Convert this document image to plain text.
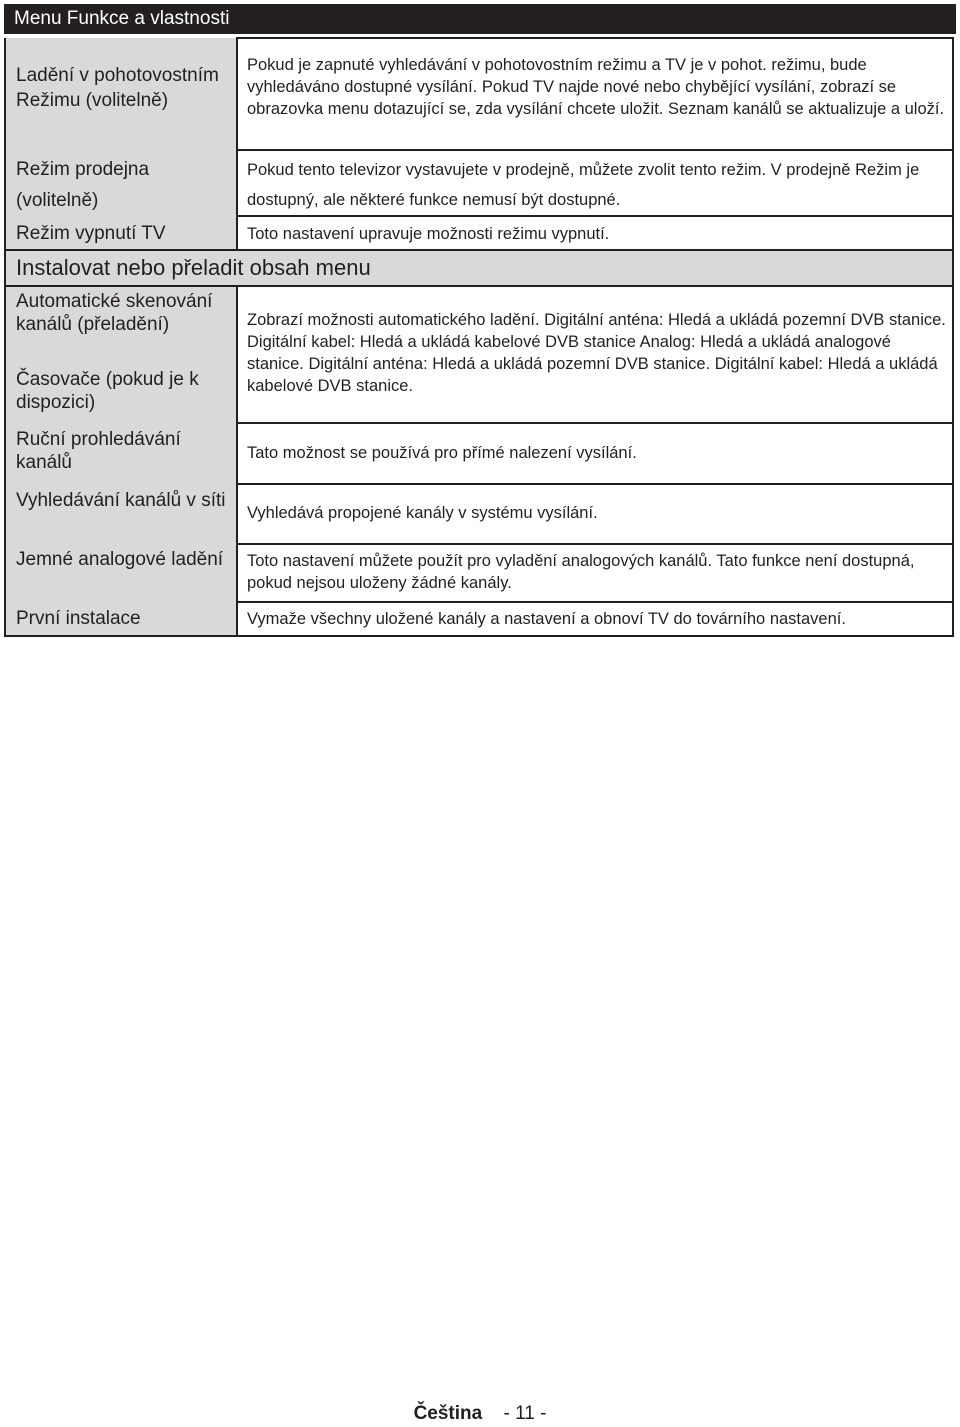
Menu Funkce a vlastnosti
Ladění v pohotovostním Režimu (volitelně)	Pokud je zapnuté vyhledávání v pohotovostním režimu a TV je v pohot. režimu, bude vyhledáváno dostupné vysílání. Pokud TV najde nové nebo chybějící vysílání, zobrazí se obrazovka menu dotazující se, zda vysílání chcete uložit. Seznam kanálů se aktualizuje a uloží.
Režim prodejna (volitelně)	Pokud tento televizor vystavujete v prodejně, můžete zvolit tento režim. V prodejně Režim je dostupný, ale některé funkce nemusí být dostupné.
Režim vypnutí TV	Toto nastavení upravuje možnosti režimu vypnutí.
Instalovat nebo přeladit obsah menu	
Automatické skenování kanálů (přeladění)	Zobrazí možnosti automatického ladění. Digitální anténa: Hledá a ukládá pozemní DVB stanice. Digitální kabel: Hledá a ukládá kabelové DVB stanice Analog: Hledá a ukládá analogové stanice. Digitální anténa: Hledá a ukládá pozemní DVB stanice. Digitální kabel: Hledá a ukládá kabelové DVB stanice.

Časovače (pokud je k dispozici)	

Ruční prohledávání kanálů	Tato možnost se používá pro přímé nalezení vysílání.
Vyhledávání kanálů v síti	Vyhledává propojené kanály v systému vysílání.
Jemné analogové ladění	Toto nastavení můžete použít pro vyladění analogových kanálů. Tato funkce není dostupná, pokud nejsou uloženy žádné kanály.
První instalace	Vymaže všechny uložené kanály a nastavení a obnoví TV do továrního nastavení.
Čeština - 11 -
